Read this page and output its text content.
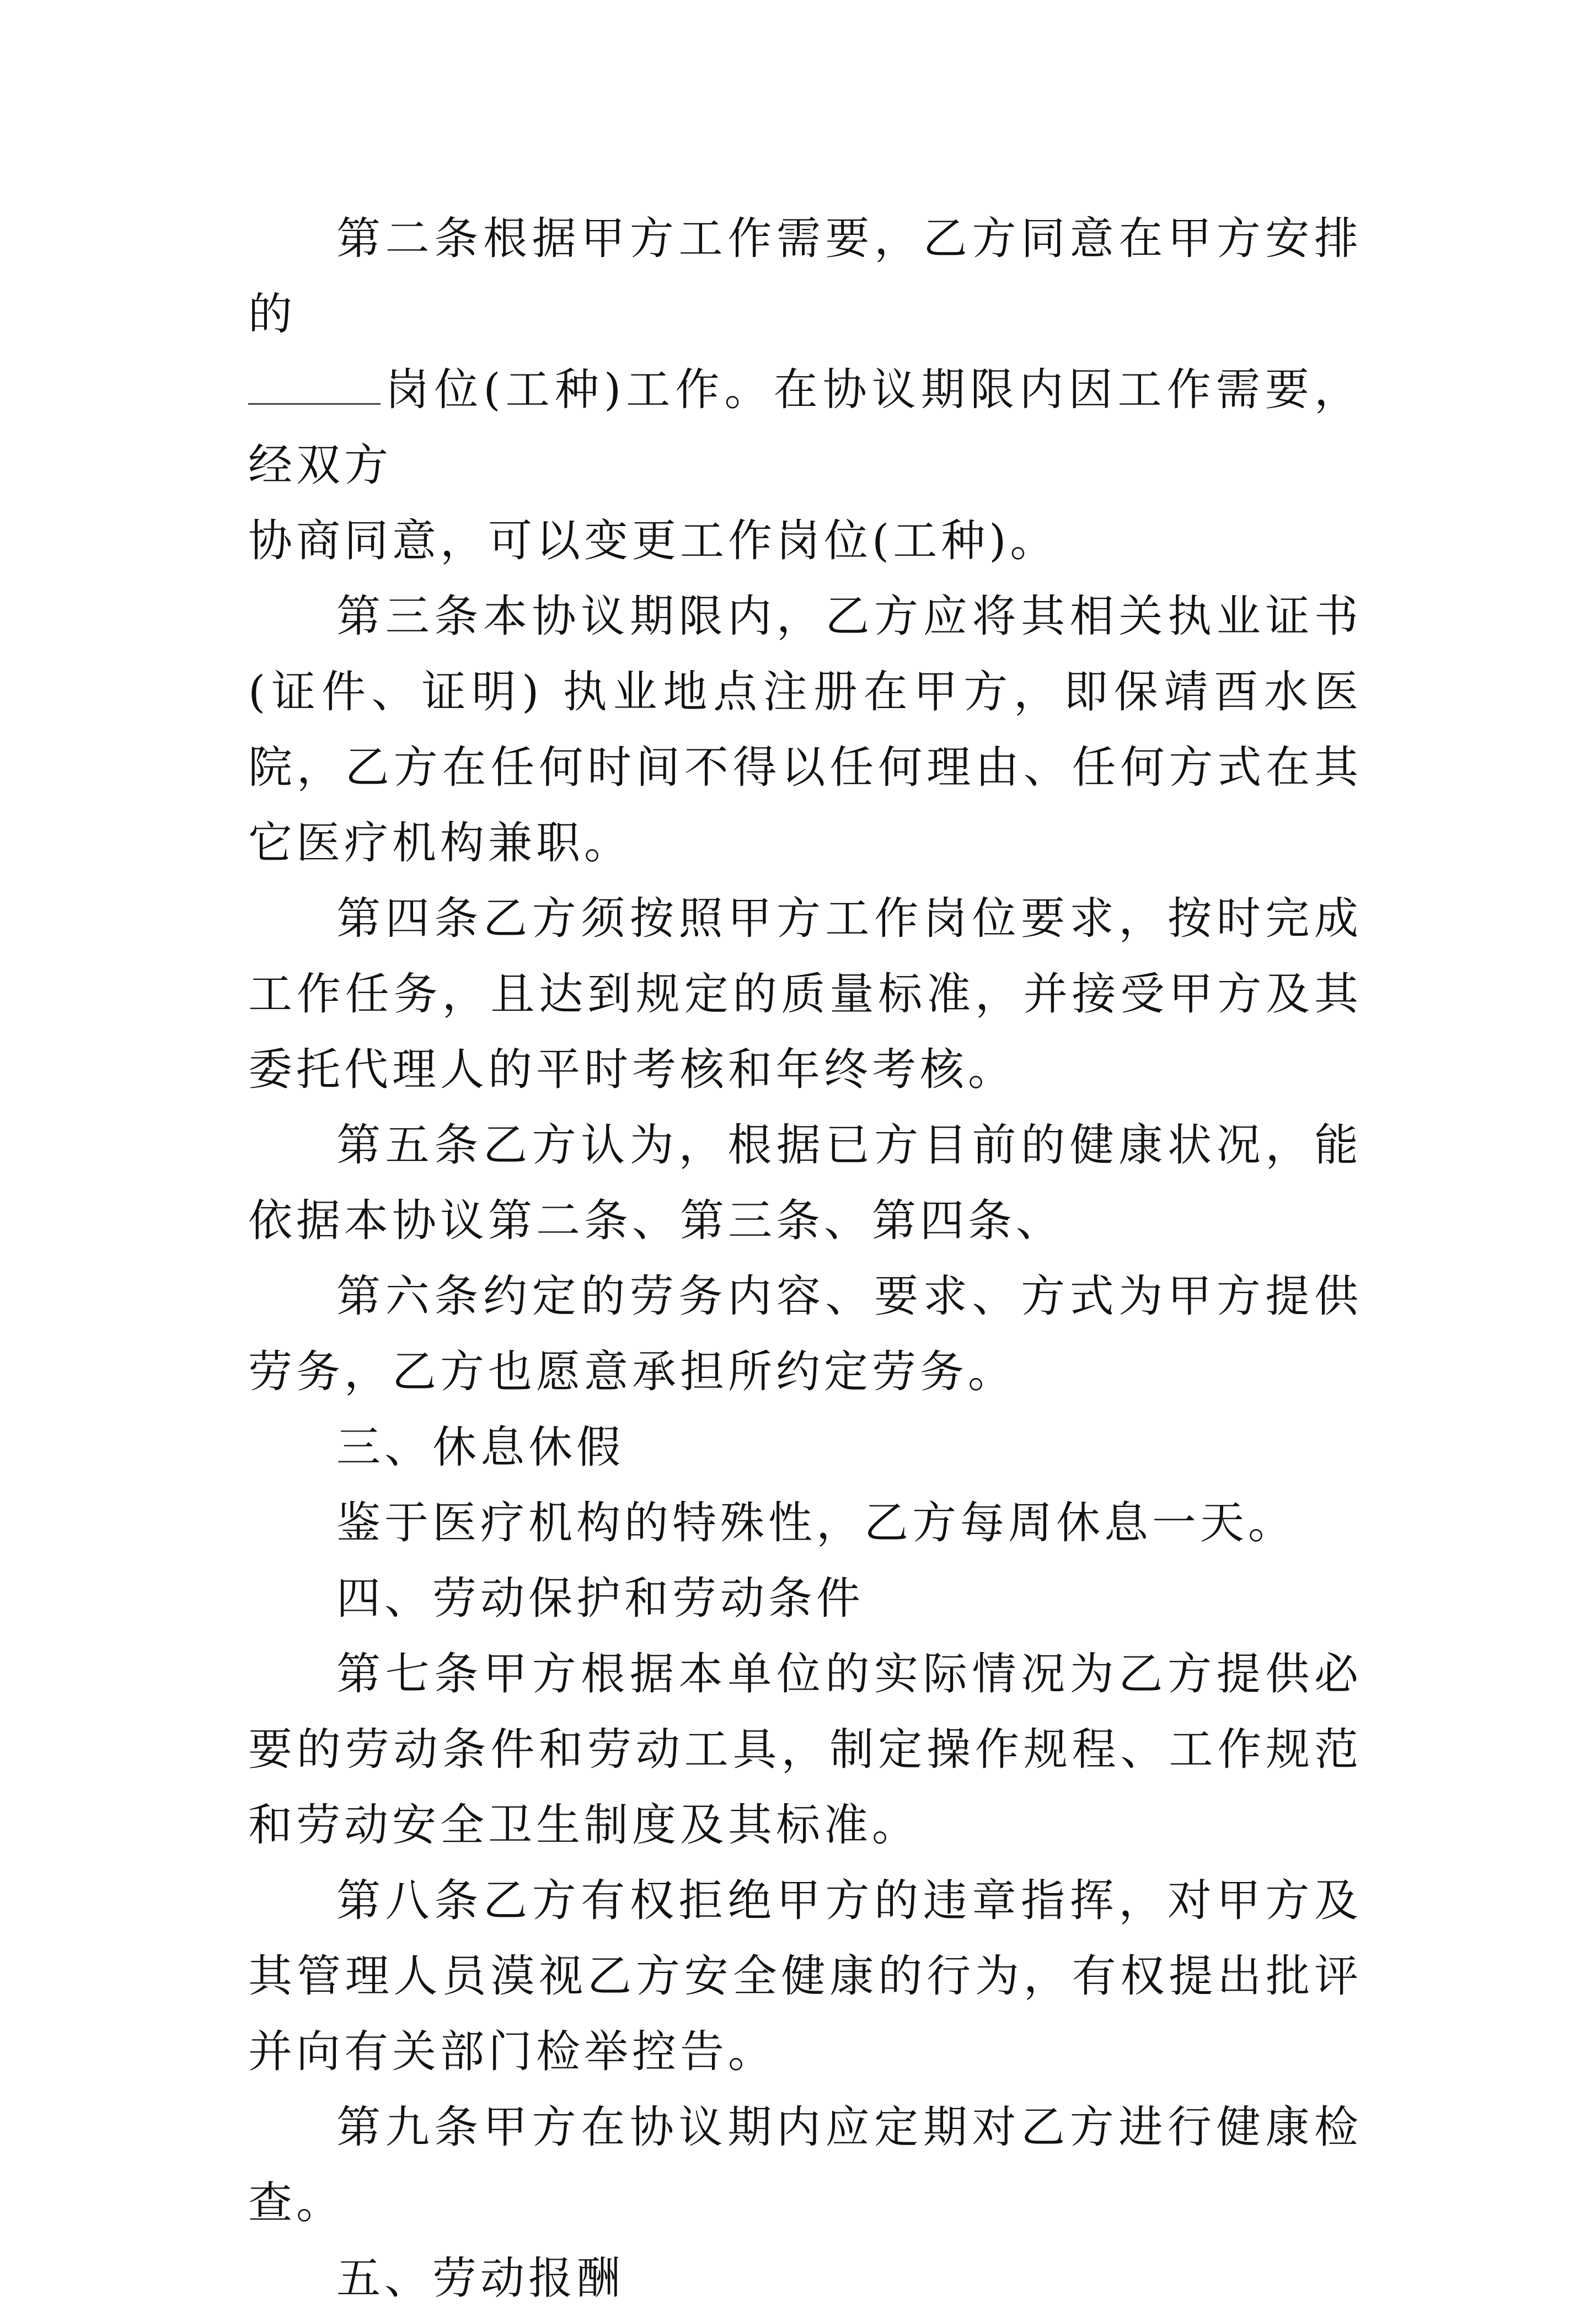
第二条根据甲方工作需要，乙方同意在甲方安排的

岗位(工种)工作。在协议期限内因工作需要，经双方

协商同意，可以变更工作岗位(工种)。

第三条本协议期限内，乙方应将其相关执业证书(证件、证明) 执业地点注册在甲方，即保靖酉水医院，乙方在任何时间不得以任何理由、任何方式在其它医疗机构兼职。

第四条乙方须按照甲方工作岗位要求，按时完成工作任务，且达到规定的质量标准，并接受甲方及其委托代理人的平时考核和年终考核。

第五条乙方认为，根据已方目前的健康状况，能依据本协议第二条、第三条、第四条、

第六条约定的劳务内容、要求、方式为甲方提供劳务，乙方也愿意承担所约定劳务。

三、休息休假

鉴于医疗机构的特殊性，乙方每周休息一天。

四、劳动保护和劳动条件

第七条甲方根据本单位的实际情况为乙方提供必要的劳动条件和劳动工具，制定操作规程、工作规范和劳动安全卫生制度及其标准。

第八条乙方有权拒绝甲方的违章指挥，对甲方及其管理人员漠视乙方安全健康的行为，有权提出批评并向有关部门检举控告。

第九条甲方在协议期内应定期对乙方进行健康检查。

五、劳动报酬
